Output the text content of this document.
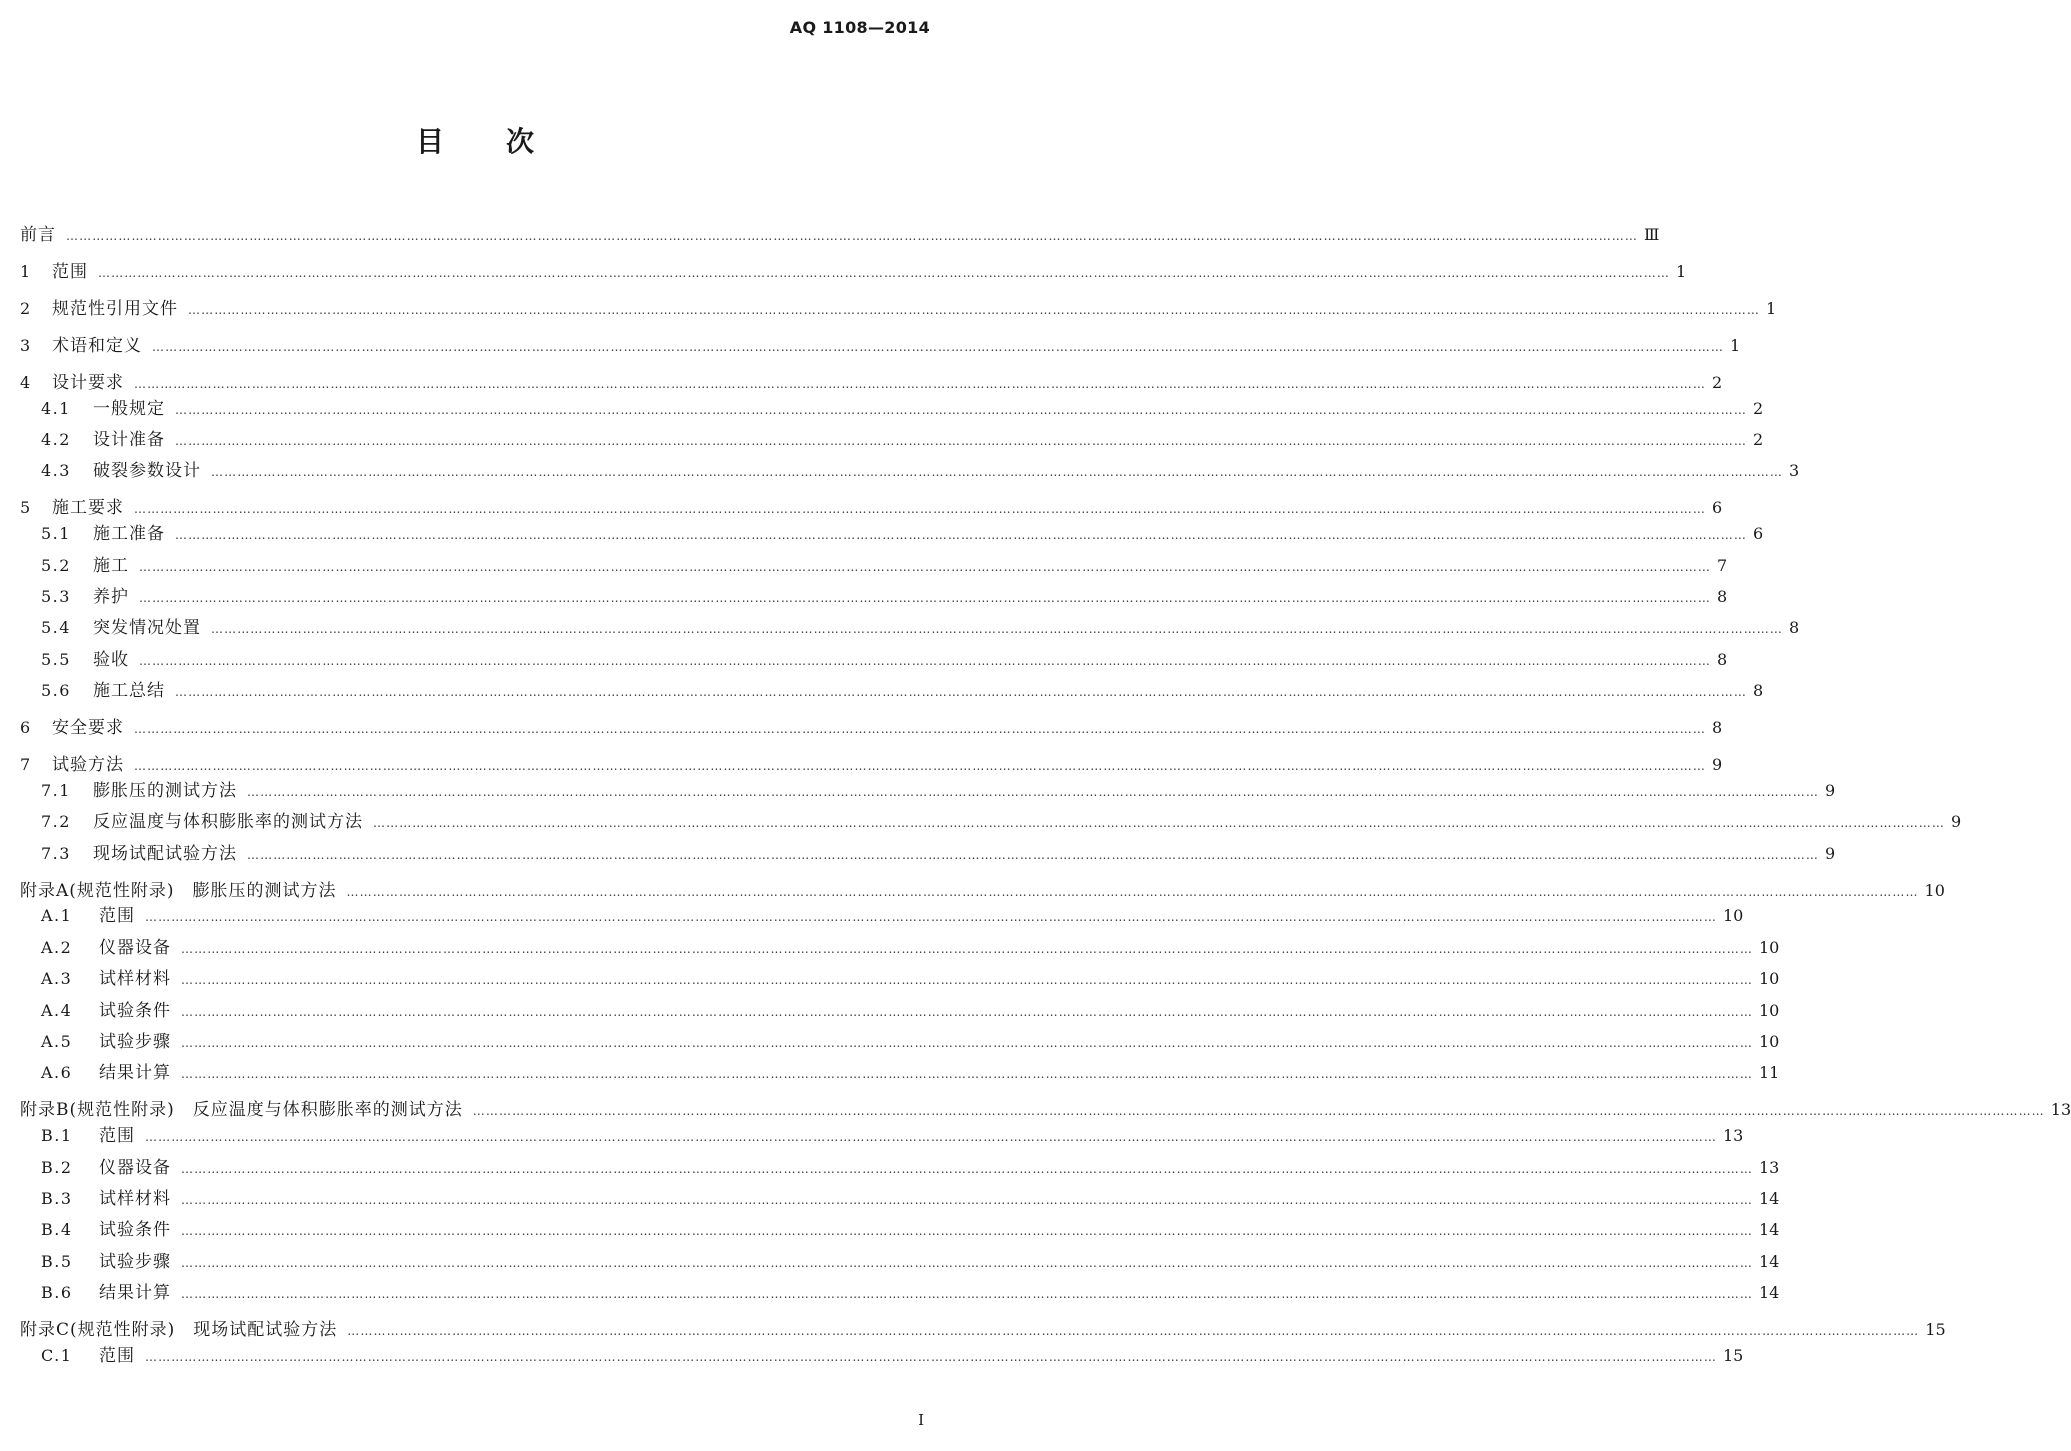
AQ 1108—2014
目次
前言 ……………………………………………………………………………………………………………………………………………………………………………………………………………………………………………………………………………………………………………………………… Ⅲ
1 范围 ……………………………………………………………………………………………………………………………………………………………………………………………………………………………………………………………………………………………………………………………… 1
2 规范性引用文件 ……………………………………………………………………………………………………………………………………………………………………………………………………………………………………………………………………………………………………………………………… 1
3 术语和定义 ……………………………………………………………………………………………………………………………………………………………………………………………………………………………………………………………………………………………………………………………… 1
4 设计要求 ……………………………………………………………………………………………………………………………………………………………………………………………………………………………………………………………………………………………………………………………… 2
4.1 一般规定 ……………………………………………………………………………………………………………………………………………………………………………………………………………………………………………………………………………………………………………………………… 2
4.2 设计准备 ……………………………………………………………………………………………………………………………………………………………………………………………………………………………………………………………………………………………………………………………… 2
4.3 破裂参数设计 ……………………………………………………………………………………………………………………………………………………………………………………………………………………………………………………………………………………………………………………………… 3
5 施工要求 ……………………………………………………………………………………………………………………………………………………………………………………………………………………………………………………………………………………………………………………………… 6
5.1 施工准备 ……………………………………………………………………………………………………………………………………………………………………………………………………………………………………………………………………………………………………………………………… 6
5.2 施工 ……………………………………………………………………………………………………………………………………………………………………………………………………………………………………………………………………………………………………………………………… 7
5.3 养护 ……………………………………………………………………………………………………………………………………………………………………………………………………………………………………………………………………………………………………………………………… 8
5.4 突发情况处置 ……………………………………………………………………………………………………………………………………………………………………………………………………………………………………………………………………………………………………………………………… 8
5.5 验收 ……………………………………………………………………………………………………………………………………………………………………………………………………………………………………………………………………………………………………………………………… 8
5.6 施工总结 ……………………………………………………………………………………………………………………………………………………………………………………………………………………………………………………………………………………………………………………………… 8
6 安全要求 ……………………………………………………………………………………………………………………………………………………………………………………………………………………………………………………………………………………………………………………………… 8
7 试验方法 ……………………………………………………………………………………………………………………………………………………………………………………………………………………………………………………………………………………………………………………………… 9
7.1 膨胀压的测试方法 ……………………………………………………………………………………………………………………………………………………………………………………………………………………………………………………………………………………………………………………………… 9
7.2 反应温度与体积膨胀率的测试方法 ……………………………………………………………………………………………………………………………………………………………………………………………………………………………………………………………………………………………………………………………… 9
7.3 现场试配试验方法 ……………………………………………………………………………………………………………………………………………………………………………………………………………………………………………………………………………………………………………………………… 9
附录A(规范性附录)　膨胀压的测试方法 ……………………………………………………………………………………………………………………………………………………………………………………………………………………………………………………………………………………………………………………………… 10
A.1 范围 ……………………………………………………………………………………………………………………………………………………………………………………………………………………………………………………………………………………………………………………………… 10
A.2 仪器设备 ……………………………………………………………………………………………………………………………………………………………………………………………………………………………………………………………………………………………………………………………… 10
A.3 试样材料 ……………………………………………………………………………………………………………………………………………………………………………………………………………………………………………………………………………………………………………………………… 10
A.4 试验条件 ……………………………………………………………………………………………………………………………………………………………………………………………………………………………………………………………………………………………………………………………… 10
A.5 试验步骤 ……………………………………………………………………………………………………………………………………………………………………………………………………………………………………………………………………………………………………………………………… 10
A.6 结果计算 ……………………………………………………………………………………………………………………………………………………………………………………………………………………………………………………………………………………………………………………………… 11
附录B(规范性附录)　反应温度与体积膨胀率的测试方法 ……………………………………………………………………………………………………………………………………………………………………………………………………………………………………………………………………………………………………………………………… 13
B.1 范围 ……………………………………………………………………………………………………………………………………………………………………………………………………………………………………………………………………………………………………………………………… 13
B.2 仪器设备 ……………………………………………………………………………………………………………………………………………………………………………………………………………………………………………………………………………………………………………………………… 13
B.3 试样材料 ……………………………………………………………………………………………………………………………………………………………………………………………………………………………………………………………………………………………………………………………… 14
B.4 试验条件 ……………………………………………………………………………………………………………………………………………………………………………………………………………………………………………………………………………………………………………………………… 14
B.5 试验步骤 ……………………………………………………………………………………………………………………………………………………………………………………………………………………………………………………………………………………………………………………………… 14
B.6 结果计算 ……………………………………………………………………………………………………………………………………………………………………………………………………………………………………………………………………………………………………………………………… 14
附录C(规范性附录)　现场试配试验方法 ……………………………………………………………………………………………………………………………………………………………………………………………………………………………………………………………………………………………………………………………… 15
C.1 范围 ……………………………………………………………………………………………………………………………………………………………………………………………………………………………………………………………………………………………………………………………… 15
Ⅰ
